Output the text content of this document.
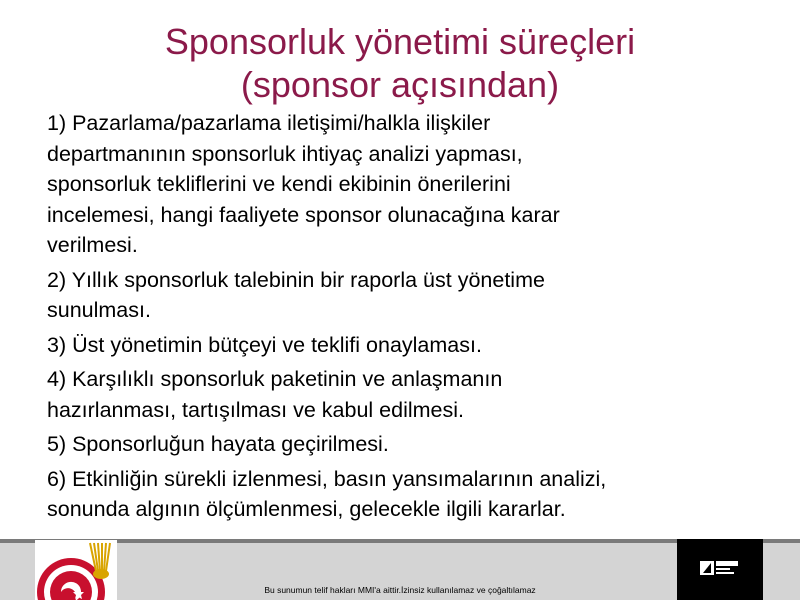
Sponsorluk yönetimi süreçleri
(sponsor açısından)
1) Pazarlama/pazarlama iletişimi/halkla ilişkiler
departmanının sponsorluk ihtiyaç analizi yapması,
sponsorluk tekliflerini ve kendi ekibinin önerilerini
incelemesi, hangi faaliyete sponsor olunacağına karar
verilmesi.
2) Yıllık sponsorluk talebinin bir raporla üst yönetime
sunulması.
3) Üst yönetimin bütçeyi ve teklifi onaylaması.
4) Karşılıklı sponsorluk paketinin ve anlaşmanın
hazırlanması, tartışılması ve kabul edilmesi.
5) Sponsorluğun hayata geçirilmesi.
6) Etkinliğin sürekli izlenmesi, basın yansımalarının analizi,
sonunda algının ölçümlenmesi, gelecekle ilgili kararlar.
Bu sunumun telif hakları MMI'a aittir.İzinsiz kullanılamaz ve çoğaltılamaz
